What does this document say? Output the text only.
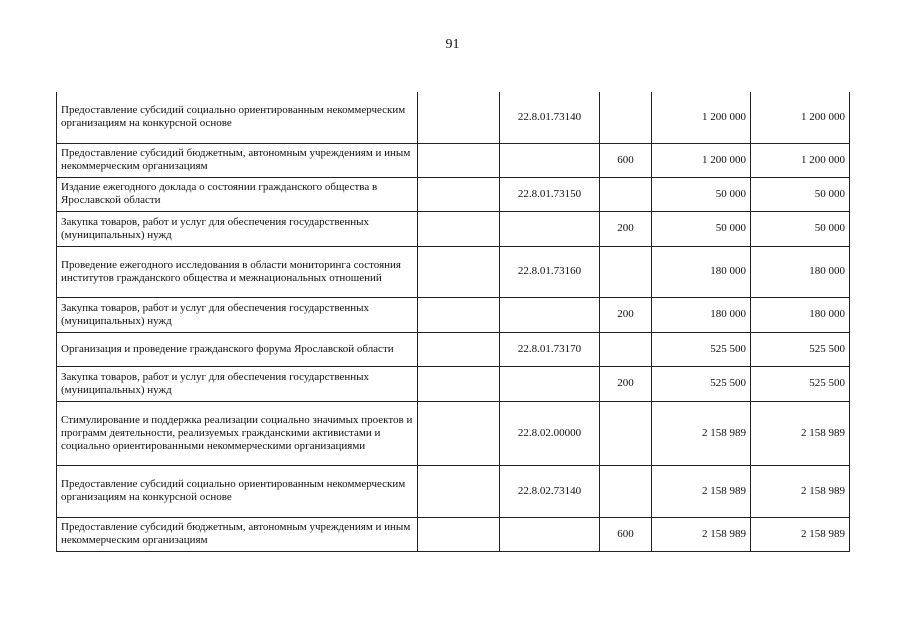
91
Предоставление субсидий социально ориентированным некоммерческим организациям на конкурсной основе		22.8.01.73140		1 200 000	1 200 000
Предоставление субсидий бюджетным, автономным учреждениям и иным некоммерческим организациям			600	1 200 000	1 200 000
Издание ежегодного доклада о состоянии гражданского общества в Ярославской области		22.8.01.73150		50 000	50 000
Закупка товаров, работ и услуг для обеспечения государственных (муниципальных) нужд			200	50 000	50 000
Проведение ежегодного исследования в области мониторинга состояния институтов гражданского общества и межнациональных отношений		22.8.01.73160		180 000	180 000
Закупка товаров, работ и услуг для обеспечения государственных (муниципальных) нужд			200	180 000	180 000
Организация и проведение гражданского форума Ярославской области		22.8.01.73170		525 500	525 500
Закупка товаров, работ и услуг для обеспечения государственных (муниципальных) нужд			200	525 500	525 500
Стимулирование и поддержка реализации социально значимых проектов и программ деятельности, реализуемых гражданскими активистами и социально ориентированными некоммерческими организациями		22.8.02.00000		2 158 989	2 158 989
Предоставление субсидий социально ориентированным некоммерческим организациям на конкурсной основе		22.8.02.73140		2 158 989	2 158 989
Предоставление субсидий бюджетным, автономным учреждениям и иным некоммерческим организациям			600	2 158 989	2 158 989
